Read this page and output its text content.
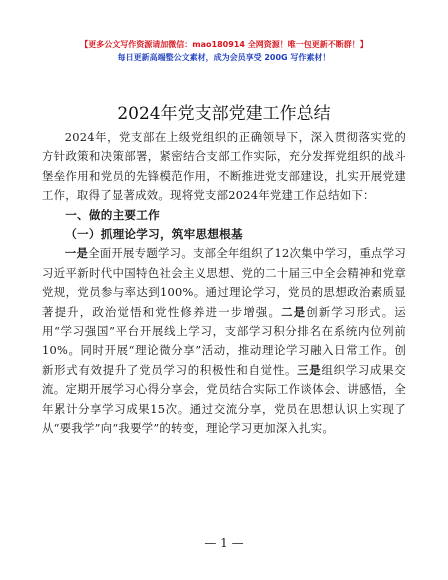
【更多公文写作资源请加微信：mao180914 全网资源！唯一包更新不断群！】
每日更新高端整公文素材，成为会员享受 200G 写作素材！
2024年党支部党建工作总结

2024年，党支部在上级党组织的正确领导下，深入贯彻落实党的方针政策和决策部署，紧密结合支部工作实际，充分发挥党组织的战斗堡垒作用和党员的先锋模范作用，不断推进党支部建设，扎实开展党建工作，取得了显著成效。现将党支部2024年党建工作总结如下：

一、做的主要工作

（一）抓理论学习，筑牢思想根基

一是全面开展专题学习。支部全年组织了12次集中学习，重点学习习近平新时代中国特色社会主义思想、党的二十届三中全会精神和党章党规，党员参与率达到100%。通过理论学习，党员的思想政治素质显著提升，政治觉悟和党性修养进一步增强。二是创新学习形式。运用“学习强国”平台开展线上学习，支部学习积分排名在系统内位列前10%。同时开展“理论微分享”活动，推动理论学习融入日常工作。创新形式有效提升了党员学习的积极性和自觉性。三是组织学习成果交流。定期开展学习心得分享会，党员结合实际工作谈体会、讲感悟，全年累计分享学习成果15次。通过交流分享，党员在思想认识上实现了从“要我学”向“我要学”的转变，理论学习更加深入扎实。

— 1 —
